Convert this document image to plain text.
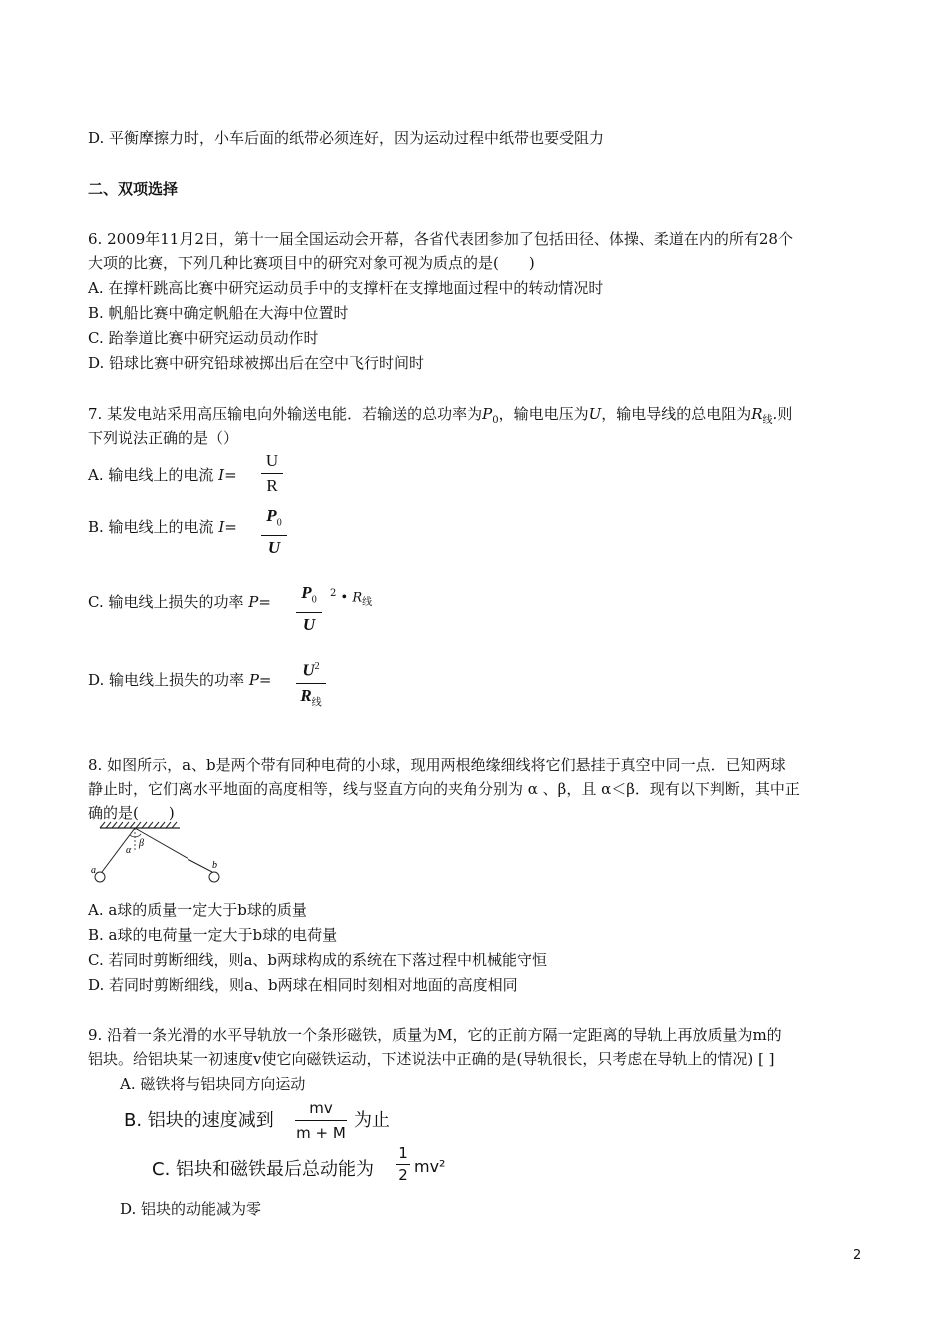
D. 平衡摩擦力时，小车后面的纸带必须连好，因为运动过程中纸带也要受阻力
二、双项选择
6. 2009年11月2日，第十一届全国运动会开幕，各省代表团参加了包括田径、体操、柔道在内的所有28个
大项的比赛，下列几种比赛项目中的研究对象可视为质点的是(　　)
A. 在撑杆跳高比赛中研究运动员手中的支撑杆在支撑地面过程中的转动情况时
B. 帆船比赛中确定帆船在大海中位置时
C. 跆拳道比赛中研究运动员动作时
D. 铅球比赛中研究铅球被掷出后在空中飞行时间时
7. 某发电站采用高压输电向外输送电能．若输送的总功率为$P_0$，输电电压为U，输电导线的总电阻为$R_线$.则
下列说法正确的是（）
A. 输电线上的电流 I=
U
R
B. 输电线上的电流 I=
$P_0$
U
C. 输电线上损失的功率 P=	$P_0$
U
$^2$ • $R_线$
D. 输电线上损失的功率 P=
$U^2$
$R_线$
8. 如图所示，a、b是两个带有同种电荷的小球，现用两根绝缘细线将它们悬挂于真空中同一点．已知两球
静止时，它们离水平地面的高度相等，线与竖直方向的夹角分别为 α 、β，且 α＜β．现有以下判断，其中正
确的是(　　)
α
β
a	b
A. a球的质量一定大于b球的质量
B. a球的电荷量一定大于b球的电荷量
C. 若同时剪断细线，则a、b两球构成的系统在下落过程中机械能守恒
D. 若同时剪断细线，则a、b两球在相同时刻相对地面的高度相同
9. 沿着一条光滑的水平导轨放一个条形磁铁，质量为M，它的正前方隔一定距离的导轨上再放质量为m的
铝块。给铝块某一初速度v使它向磁铁运动，下述说法中正确的是(导轨很长，只考虑在导轨上的情况) [ ]
A. 磁铁将与铝块同方向运动
B. 铝块的速度减到
mv
m + M
为止
C. 铝块和磁铁最后总动能为
1
2 mv²
D. 铝块的动能减为零
2
